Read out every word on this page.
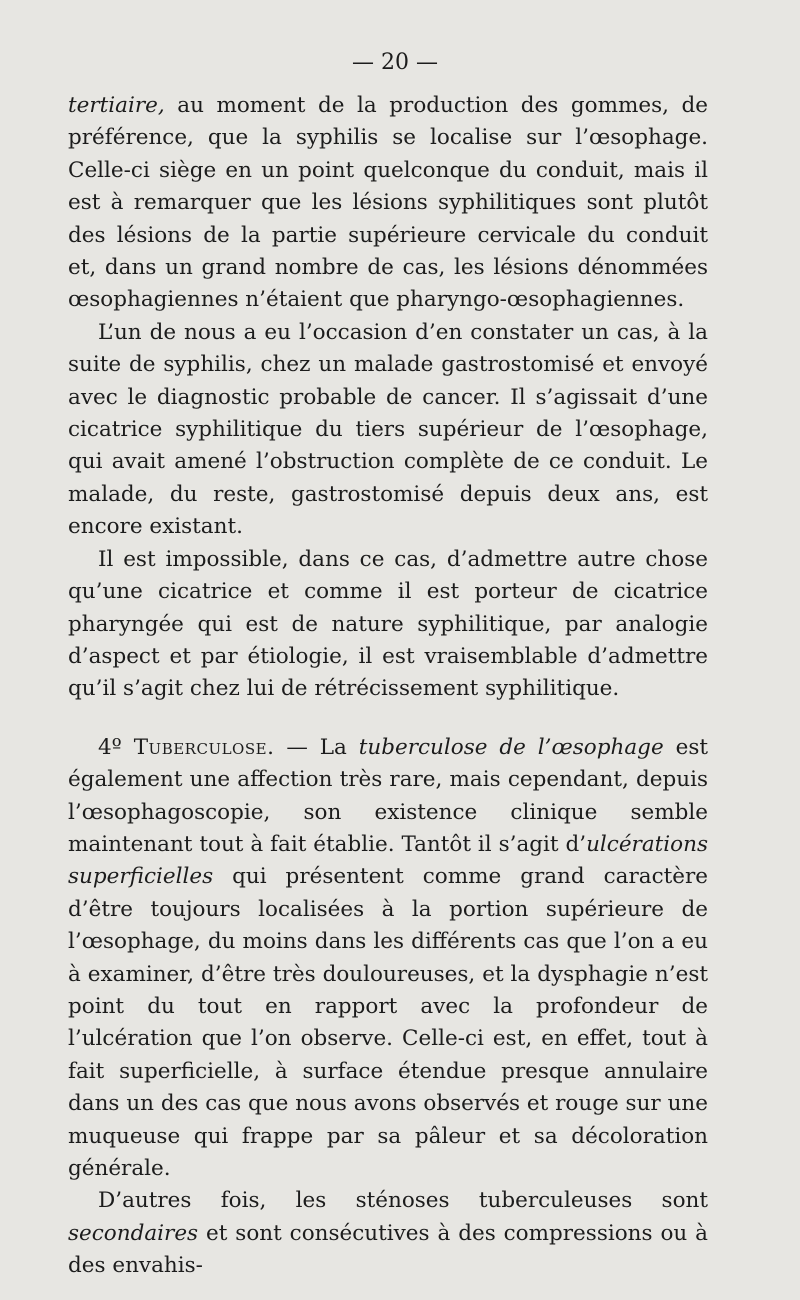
— 20 —

tertiaire, au moment de la production des gommes, de préférence, que la syphilis se localise sur l’œsophage. Celle-ci siège en un point quelconque du conduit, mais il est à remarquer que les lésions syphilitiques sont plutôt des lésions de la partie supérieure cervicale du conduit et, dans un grand nombre de cas, les lésions dénommées œsophagiennes n’étaient que pharyngo-œsophagiennes.

L’un de nous a eu l’occasion d’en constater un cas, à la suite de syphilis, chez un malade gastrostomisé et envoyé avec le diagnostic probable de cancer. Il s’agissait d’une cicatrice syphilitique du tiers supérieur de l’œsophage, qui avait amené l’obstruction complète de ce conduit. Le malade, du reste, gastrostomisé depuis deux ans, est encore existant.

Il est impossible, dans ce cas, d’admettre autre chose qu’une cicatrice et comme il est porteur de cicatrice pharyngée qui est de nature syphilitique, par analogie d’aspect et par étiologie, il est vraisemblable d’admettre qu’il s’agit chez lui de rétrécissement syphilitique.

4º Tuberculose. — La tuberculose de l’œsophage est également une affection très rare, mais cependant, depuis l’œsophagoscopie, son existence clinique semble maintenant tout à fait établie. Tantôt il s’agit d’ulcérations superficielles qui présentent comme grand caractère d’être toujours localisées à la portion supérieure de l’œsophage, du moins dans les différents cas que l’on a eu à examiner, d’être très douloureuses, et la dysphagie n’est point du tout en rapport avec la profondeur de l’ulcération que l’on observe. Celle-ci est, en effet, tout à fait superficielle, à surface étendue presque annulaire dans un des cas que nous avons observés et rouge sur une muqueuse qui frappe par sa pâleur et sa décoloration générale.

D’autres fois, les sténoses tuberculeuses sont secondaires et sont consécutives à des compressions ou à des envahis-
